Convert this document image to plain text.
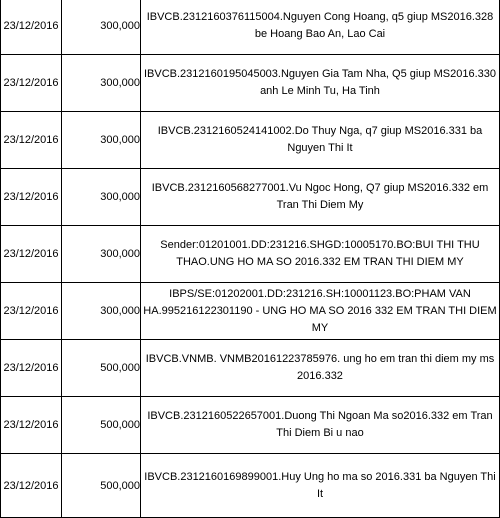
23/12/2016	300,000	IBVCB.2312160376115004.Nguyen Cong Hoang, q5 giup MS2016.328 be Hoang Bao An, Lao Cai
23/12/2016	300,000	IBVCB.2312160195045003.Nguyen Gia Tam Nha, Q5 giup MS2016.330 anh Le Minh Tu, Ha Tinh
23/12/2016	300,000	IBVCB.2312160524141002.Do Thuy Nga, q7 giup MS2016.331 ba Nguyen Thi It
23/12/2016	300,000	IBVCB.2312160568277001.Vu Ngoc Hong, Q7 giup MS2016.332 em Tran Thi Diem My
23/12/2016	300,000	Sender:01201001.DD:231216.SHGD:10005170.BO:BUI THI THU THAO.UNG HO MA SO 2016.332 EM TRAN THI DIEM MY
23/12/2016	300,000	IBPS/SE:01202001.DD:231216.SH:10001123.BO:PHAM VAN HA.995216122301190 - UNG HO MA SO 2016 332 EM TRAN THI DIEM MY
23/12/2016	500,000	IBVCB.VNMB. VNMB20161223785976. ung ho em tran thi diem my ms 2016.332
23/12/2016	500,000	IBVCB.2312160522657001.Duong Thi Ngoan Ma so2016.332 em Tran Thi Diem Bi u nao
23/12/2016	500,000	IBVCB.2312160169899001.Huy Ung ho ma so 2016.331 ba Nguyen Thi It
